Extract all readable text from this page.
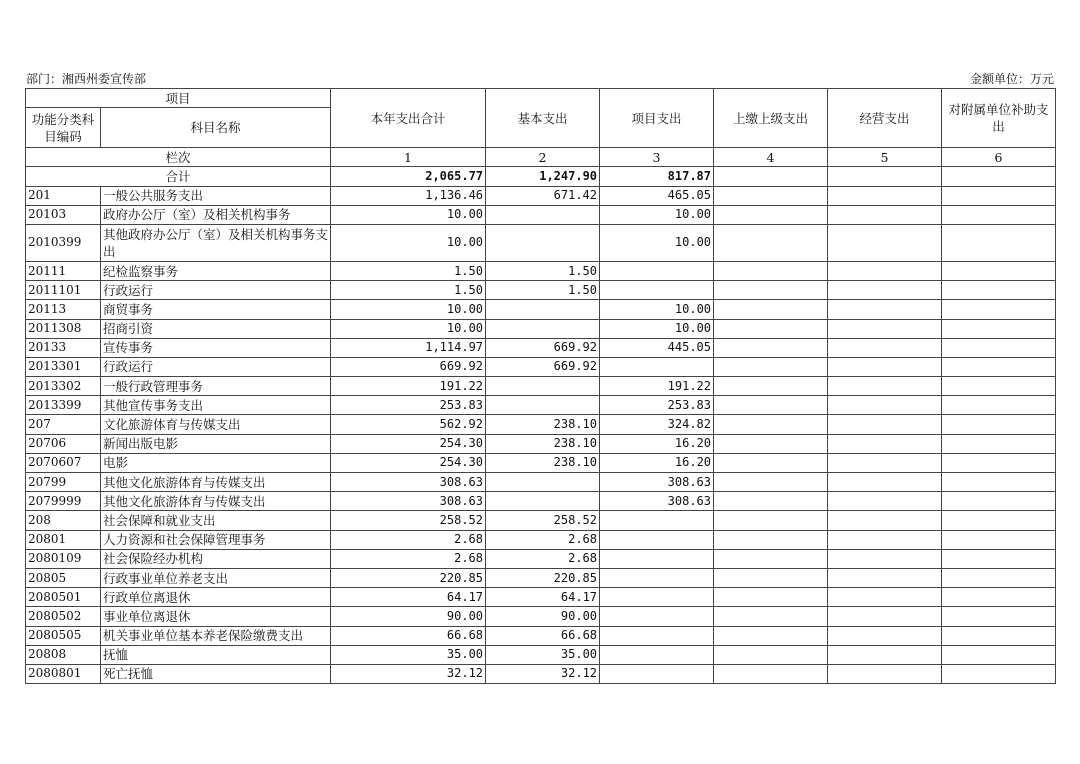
部门：湘西州委宣传部	金额单位：万元
项目		本年支出合计	基本支出	项目支出	上缴上级支出	经营支出	对附属单位补助支出
功能分类科目编码	科目名称						
栏次		1	2	3	4	5	6
合计		2,065.77	1,247.90	817.87			
201	一般公共服务支出	1,136.46	671.42	465.05			
20103	政府办公厅（室）及相关机构事务	10.00		10.00			
2010399	其他政府办公厅（室）及相关机构事务支出	10.00		10.00			
20111	纪检监察事务	1.50	1.50				
2011101	行政运行	1.50	1.50				
20113	商贸事务	10.00		10.00			
2011308	招商引资	10.00		10.00			
20133	宣传事务	1,114.97	669.92	445.05			
2013301	行政运行	669.92	669.92				
2013302	一般行政管理事务	191.22		191.22			
2013399	其他宣传事务支出	253.83		253.83			
207	文化旅游体育与传媒支出	562.92	238.10	324.82			
20706	新闻出版电影	254.30	238.10	16.20			
2070607	电影	254.30	238.10	16.20			
20799	其他文化旅游体育与传媒支出	308.63		308.63			
2079999	其他文化旅游体育与传媒支出	308.63		308.63			
208	社会保障和就业支出	258.52	258.52				
20801	人力资源和社会保障管理事务	2.68	2.68				
2080109	社会保险经办机构	2.68	2.68				
20805	行政事业单位养老支出	220.85	220.85				
2080501	行政单位离退休	64.17	64.17				
2080502	事业单位离退休	90.00	90.00				
2080505	机关事业单位基本养老保险缴费支出	66.68	66.68				
20808	抚恤	35.00	35.00				
2080801	死亡抚恤	32.12	32.12				
